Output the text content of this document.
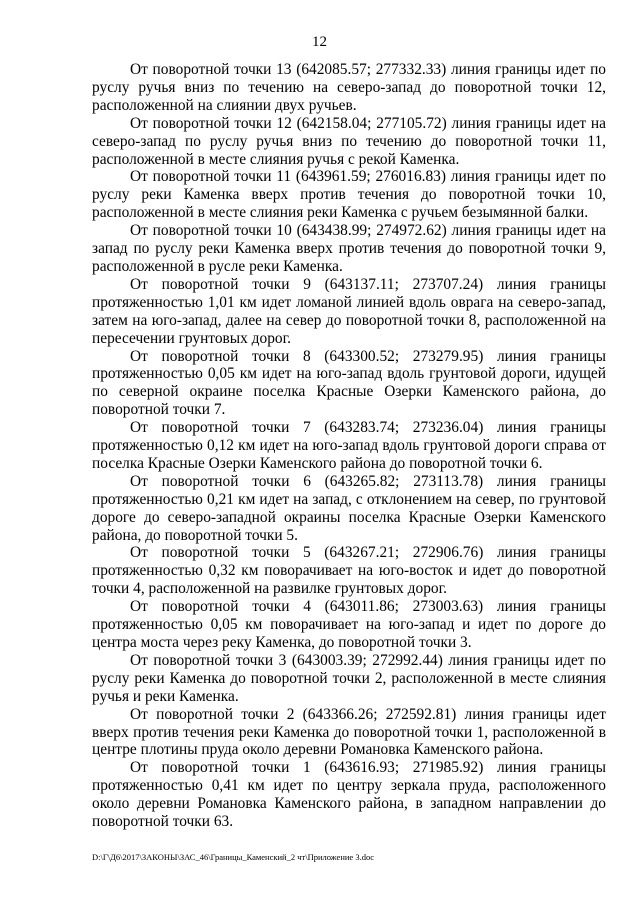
12

От поворотной точки 13 (642085.57; 277332.33) линия границы идет по руслу ручья вниз по течению на северо-запад до поворотной точки 12, расположенной на слиянии двух ручьев.

От поворотной точки 12 (642158.04; 277105.72) линия границы идет на северо-запад по руслу ручья вниз по течению до поворотной точки 11, расположенной в месте слияния ручья с рекой Каменка.

От поворотной точки 11 (643961.59; 276016.83) линия границы идет по руслу реки Каменка вверх против течения до поворотной точки 10, расположенной в месте слияния реки Каменка с ручьем безымянной балки.

От поворотной точки 10 (643438.99; 274972.62) линия границы идет на запад по руслу реки Каменка вверх против течения до поворотной точки 9, расположенной в русле реки Каменка.

От поворотной точки 9 (643137.11; 273707.24) линия границы протяженностью 1,01 км идет ломаной линией вдоль оврага на северо-запад, затем на юго-запад, далее на север до поворотной точки 8, расположенной на пересечении грунтовых дорог.

От поворотной точки 8 (643300.52; 273279.95) линия границы протяженностью 0,05 км идет на юго-запад вдоль грунтовой дороги, идущей по северной окраине поселка Красные Озерки Каменского района, до поворотной точки 7.

От поворотной точки 7 (643283.74; 273236.04) линия границы протяженностью 0,12 км идет на юго-запад вдоль грунтовой дороги справа от поселка Красные Озерки Каменского района до поворотной точки 6.

От поворотной точки 6 (643265.82; 273113.78) линия границы протяженностью 0,21 км идет на запад, с отклонением на север, по грунтовой дороге до северо-западной окраины поселка Красные Озерки Каменского района, до поворотной точки 5.

От поворотной точки 5 (643267.21; 272906.76) линия границы протяженностью 0,32 км поворачивает на юго-восток и идет до поворотной точки 4, расположенной на развилке грунтовых дорог.

От поворотной точки 4 (643011.86; 273003.63) линия границы протяженностью 0,05 км поворачивает на юго-запад и идет по дороге до центра моста через реку Каменка, до поворотной точки 3.

От поворотной точки 3 (643003.39; 272992.44) линия границы идет по руслу реки Каменка до поворотной точки 2, расположенной в месте слияния ручья и реки Каменка.

От поворотной точки 2 (643366.26; 272592.81) линия границы идет вверх против течения реки Каменка до поворотной точки 1, расположенной в центре плотины пруда около деревни Романовка Каменского района.

От поворотной точки 1 (643616.93; 271985.92) линия границы протяженностью 0,41 км идет по центру зеркала пруда, расположенного около деревни Романовка Каменского района, в западном направлении до поворотной точки 63.

D:\Г\Д6\2017\ЗАКОНЫ\ЗАС_46\Границы_Каменский_2 чт\Приложение 3.doc
